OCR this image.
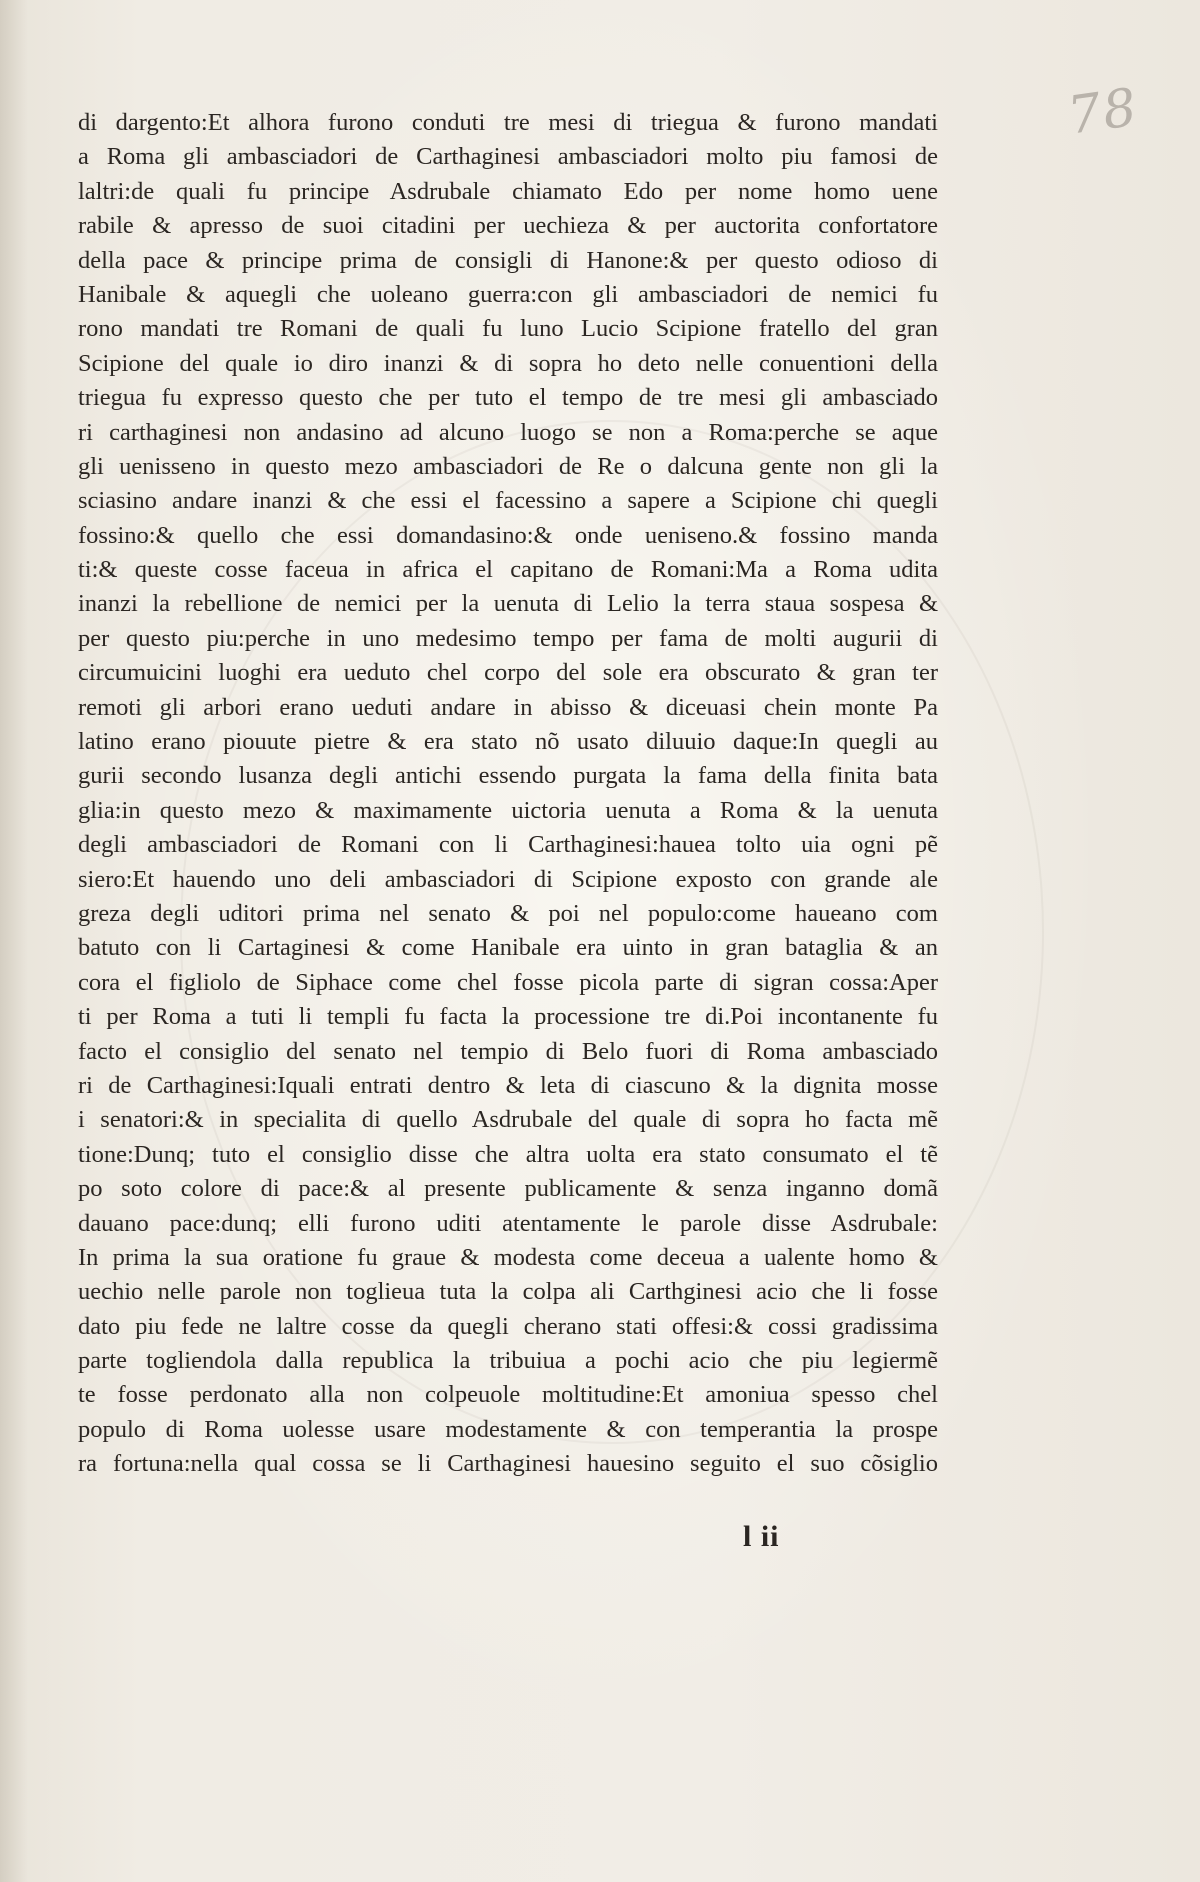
78
di dargento:Et alhora furono conduti tre mesi di triegua & furono mandati
a Roma gli ambasciadori de Carthaginesi ambasciadori molto piu famosi de
laltri:de quali fu principe Asdrubale chiamato Edo per nome homo uene
rabile & apresso de suoi citadini per uechieza & per auctorita confortatore
della pace & principe prima de consigli di Hanone:& per questo odioso di
Hanibale & aquegli che uoleano guerra:con gli ambasciadori de nemici fu
rono mandati tre Romani de quali fu luno Lucio Scipione fratello del gran
Scipione del quale io diro inanzi & di sopra ho deto nelle conuentioni della
triegua fu expresso questo che per tuto el tempo de tre mesi gli ambasciado
ri carthaginesi non andasino ad alcuno luogo se non a Roma:perche se aque
gli uenisseno in questo mezo ambasciadori de Re o dalcuna gente non gli la
sciasino andare inanzi & che essi el facessino a sapere a Scipione chi quegli
fossino:& quello che essi domandasino:& onde ueniseno.& fossino manda
ti:& queste cosse faceua in africa el capitano de Romani:Ma a Roma udita
inanzi la rebellione de nemici per la uenuta di Lelio la terra staua sospesa &
per questo piu:perche in uno medesimo tempo per fama de molti augurii di
circumuicini luoghi era ueduto chel corpo del sole era obscurato & gran ter
remoti gli arbori erano ueduti andare in abisso & diceuasi chein monte Pa
latino erano piouute pietre & era stato nõ usato diluuio daque:In quegli au
gurii secondo lusanza degli antichi essendo purgata la fama della finita bata
glia:in questo mezo & maximamente uictoria uenuta a Roma & la uenuta
degli ambasciadori de Romani con li Carthaginesi:hauea tolto uia ogni pẽ
siero:Et hauendo uno deli ambasciadori di Scipione exposto con grande ale
greza degli uditori prima nel senato & poi nel populo:come haueano com
batuto con li Cartaginesi & come Hanibale era uinto in gran bataglia & an
cora el figliolo de Siphace come chel fosse picola parte di sigran cossa:Aper
ti per Roma a tuti li templi fu facta la processione tre di.Poi incontanente fu
facto el consiglio del senato nel tempio di Belo fuori di Roma ambasciado
ri de Carthaginesi:Iquali entrati dentro & leta di ciascuno & la dignita mosse
i senatori:& in specialita di quello Asdrubale del quale di sopra ho facta mẽ
tione:Dunq; tuto el consiglio disse che altra uolta era stato consumato el tẽ
po soto colore di pace:& al presente publicamente & senza inganno domã
dauano pace:dunq; elli furono uditi atentamente le parole disse Asdrubale:
In prima la sua oratione fu graue & modesta come deceua a ualente homo &
uechio nelle parole non toglieua tuta la colpa ali Carthginesi acio che li fosse
dato piu fede ne laltre cosse da quegli cherano stati offesi:& cossi gradissima
parte togliendola dalla republica la tribuiua a pochi acio che piu legiermẽ
te fosse perdonato alla non colpeuole moltitudine:Et amoniua spesso chel
populo di Roma uolesse usare modestamente & con temperantia la prospe
ra fortuna:nella qual cossa se li Carthaginesi hauesino seguito el suo cõsiglio
l ii
